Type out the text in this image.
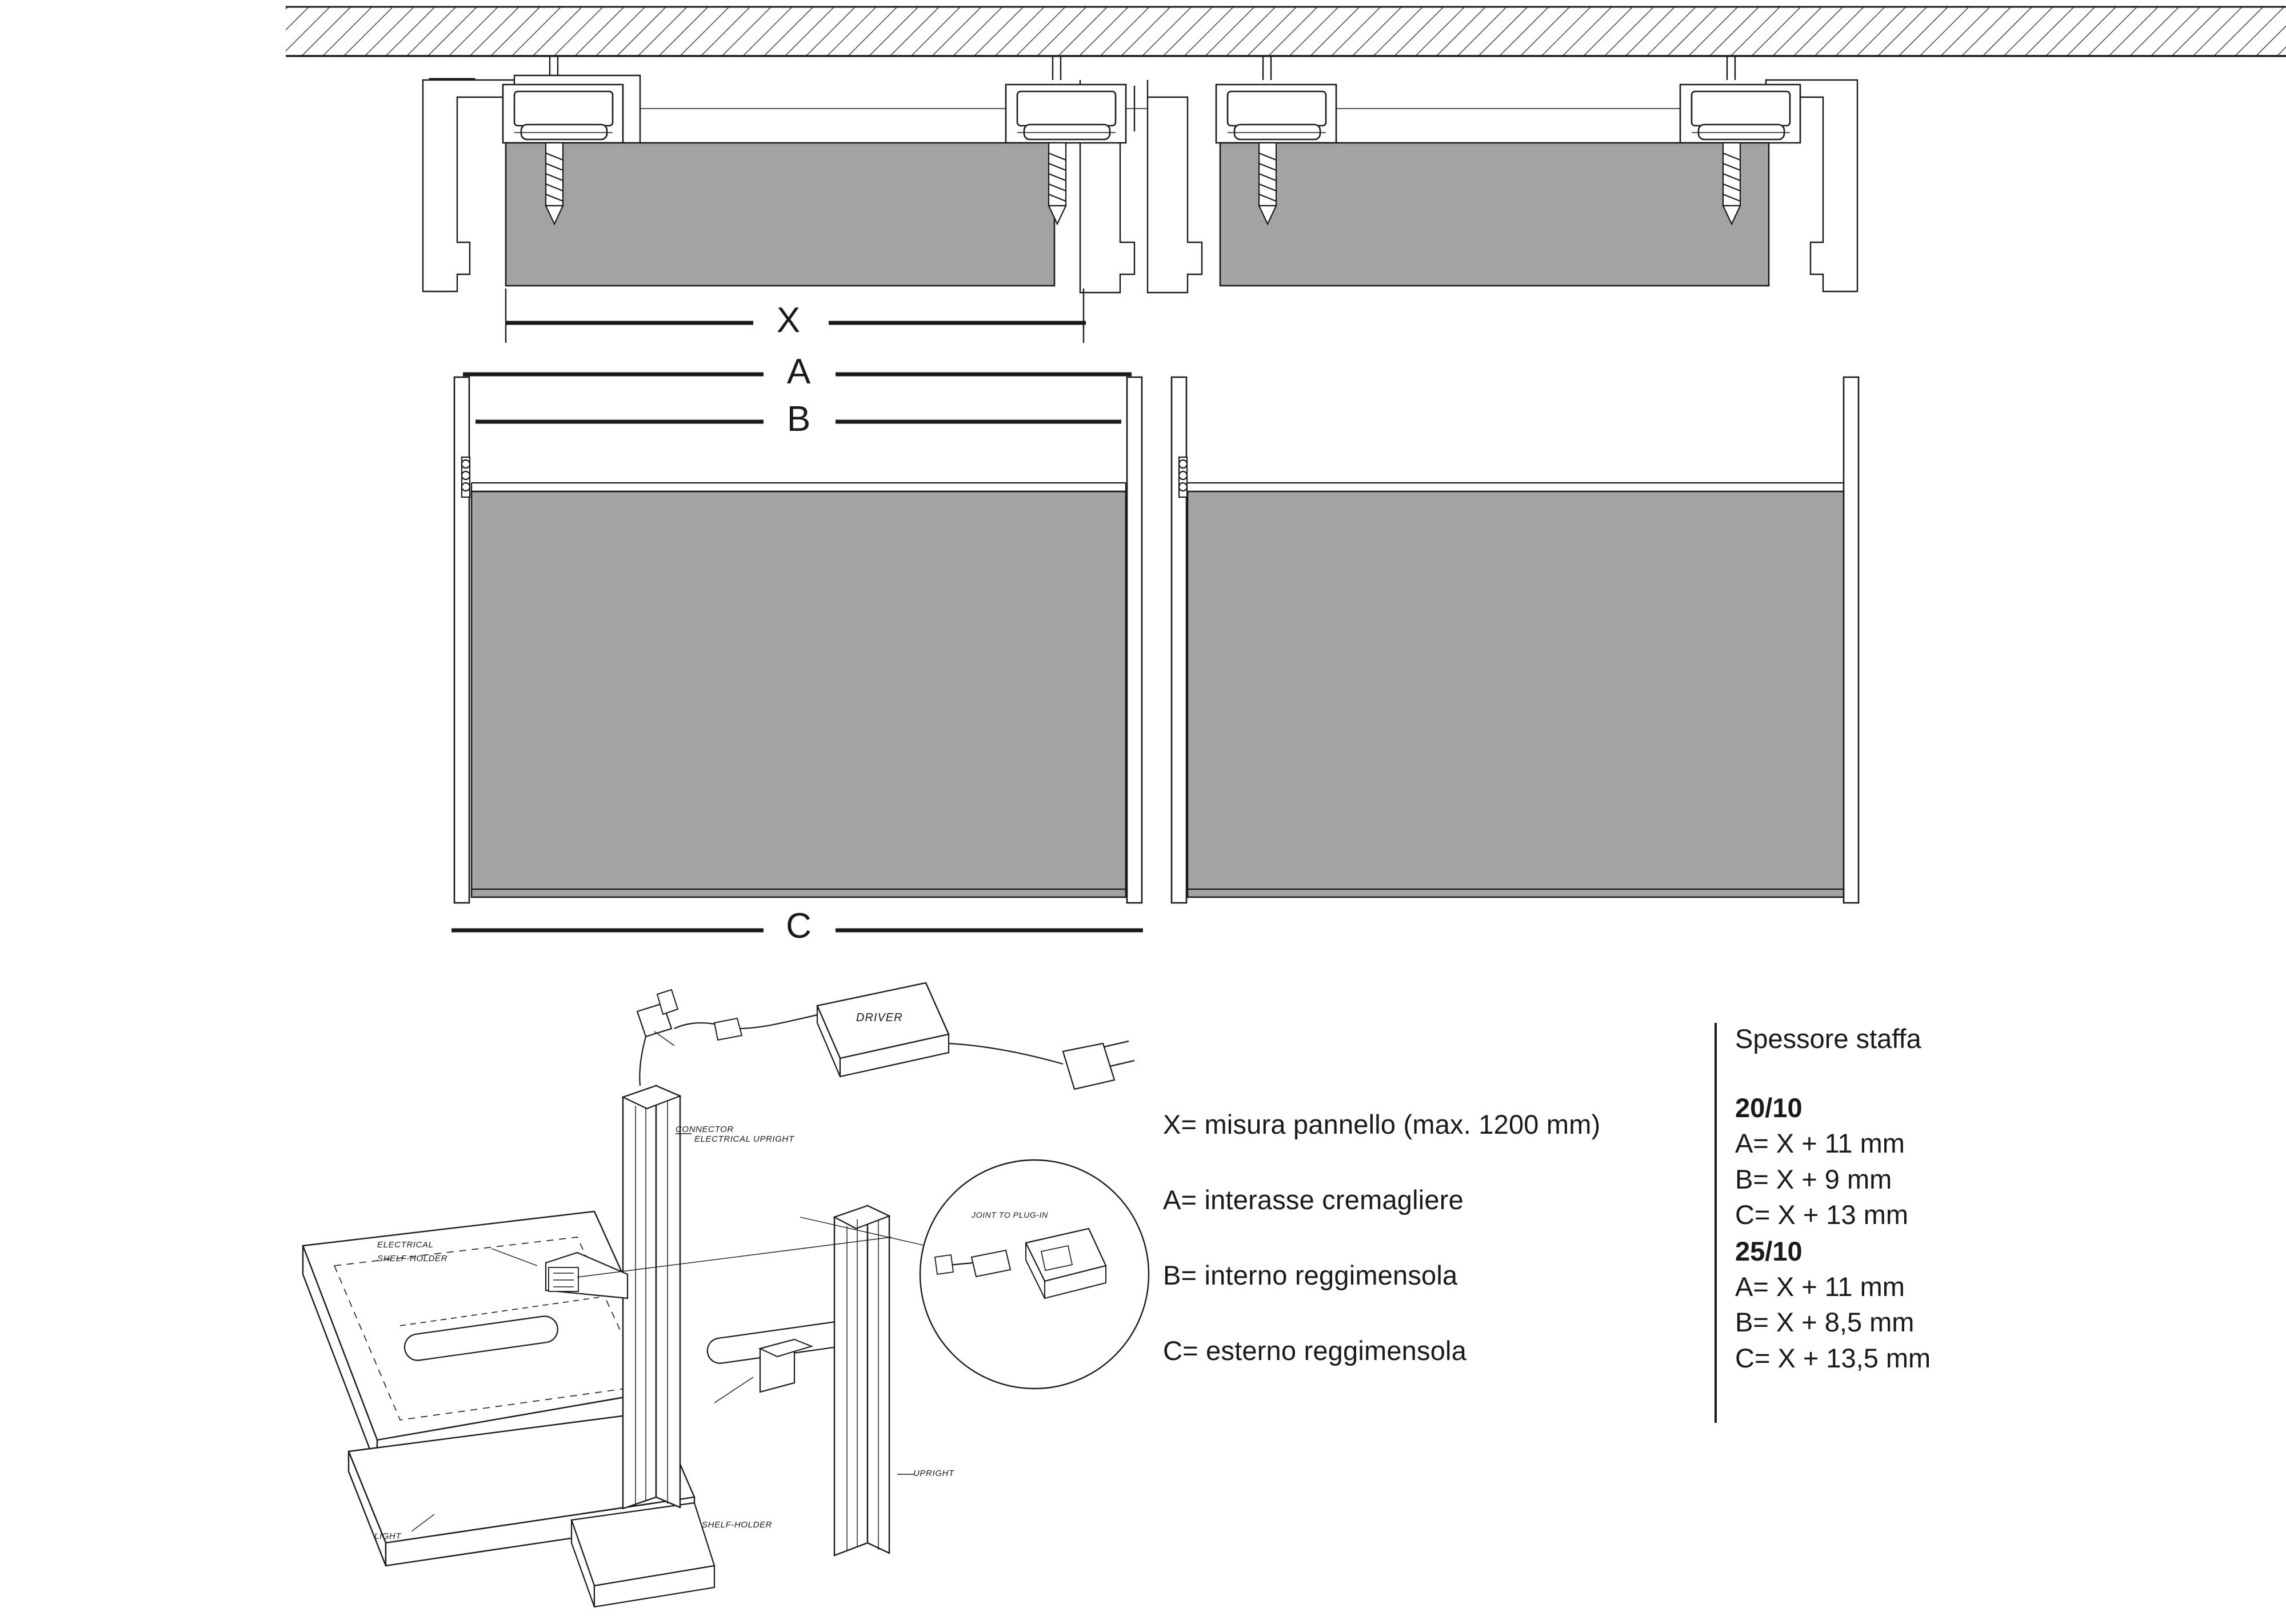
X
A
B
C
DRIVER
CONNECTOR
ELECTRICAL UPRIGHT
ELECTRICAL
SHELF-HOLDER
SHELF-HOLDER
UPRIGHT
LIGHT
JOINT TO PLUG-IN
X= misura pannello (max. 1200 mm)
A= interasse cremagliere
B= interno reggimensola
C= esterno reggimensola
Spessore staffa
20/10
A= X + 11 mm
B= X + 9 mm
C= X + 13 mm
25/10
A= X + 11 mm
B= X + 8,5 mm
C= X + 13,5 mm
